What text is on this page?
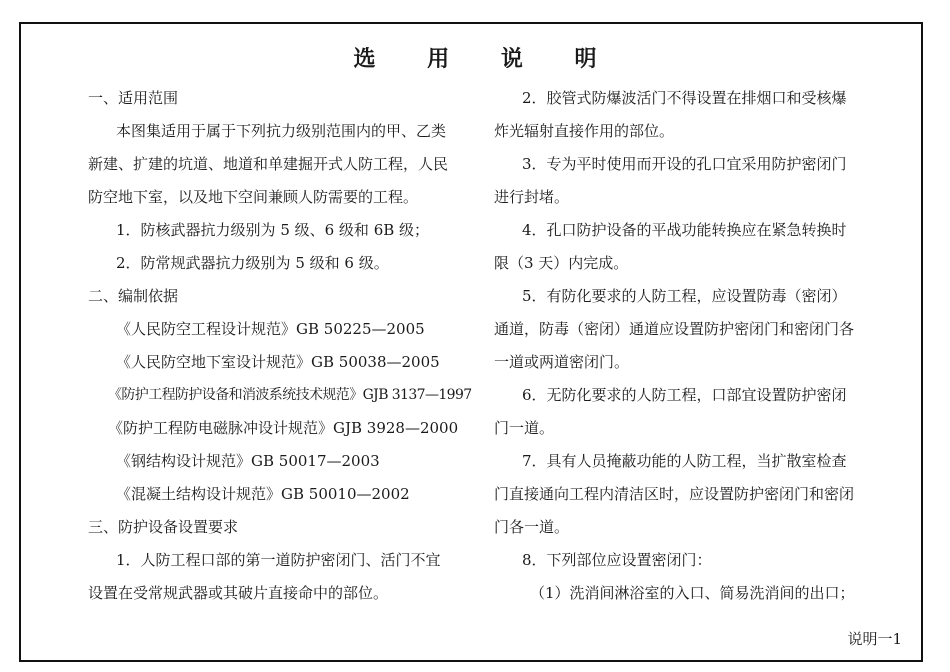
选 用 说 明
一、适用范围
本图集适用于属于下列抗力级别范围内的甲、乙类
新建、扩建的坑道、地道和单建掘开式人防工程，人民
防空地下室，以及地下空间兼顾人防需要的工程。
1．防核武器抗力级别为 5 级、6 级和 6B 级；
2．防常规武器抗力级别为 5 级和 6 级。
二、编制依据
《人民防空工程设计规范》GB 50225—2005
《人民防空地下室设计规范》GB 50038—2005
《防护工程防护设备和消波系统技术规范》GJB 3137—1997
《防护工程防电磁脉冲设计规范》GJB 3928—2000
《钢结构设计规范》GB 50017—2003
《混凝土结构设计规范》GB 50010—2002
三、防护设备设置要求
1．人防工程口部的第一道防护密闭门、活门不宜
设置在受常规武器或其破片直接命中的部位。
2．胶管式防爆波活门不得设置在排烟口和受核爆
炸光辐射直接作用的部位。
3．专为平时使用而开设的孔口宜采用防护密闭门
进行封堵。
4．孔口防护设备的平战功能转换应在紧急转换时
限（3 天）内完成。
5．有防化要求的人防工程，应设置防毒（密闭）
通道，防毒（密闭）通道应设置防护密闭门和密闭门各
一道或两道密闭门。
6．无防化要求的人防工程，口部宜设置防护密闭
门一道。
7．具有人员掩蔽功能的人防工程，当扩散室检查
门直接通向工程内清洁区时，应设置防护密闭门和密闭
门各一道。
8．下列部位应设置密闭门：
（1）洗消间淋浴室的入口、简易洗消间的出口；
说明一1
